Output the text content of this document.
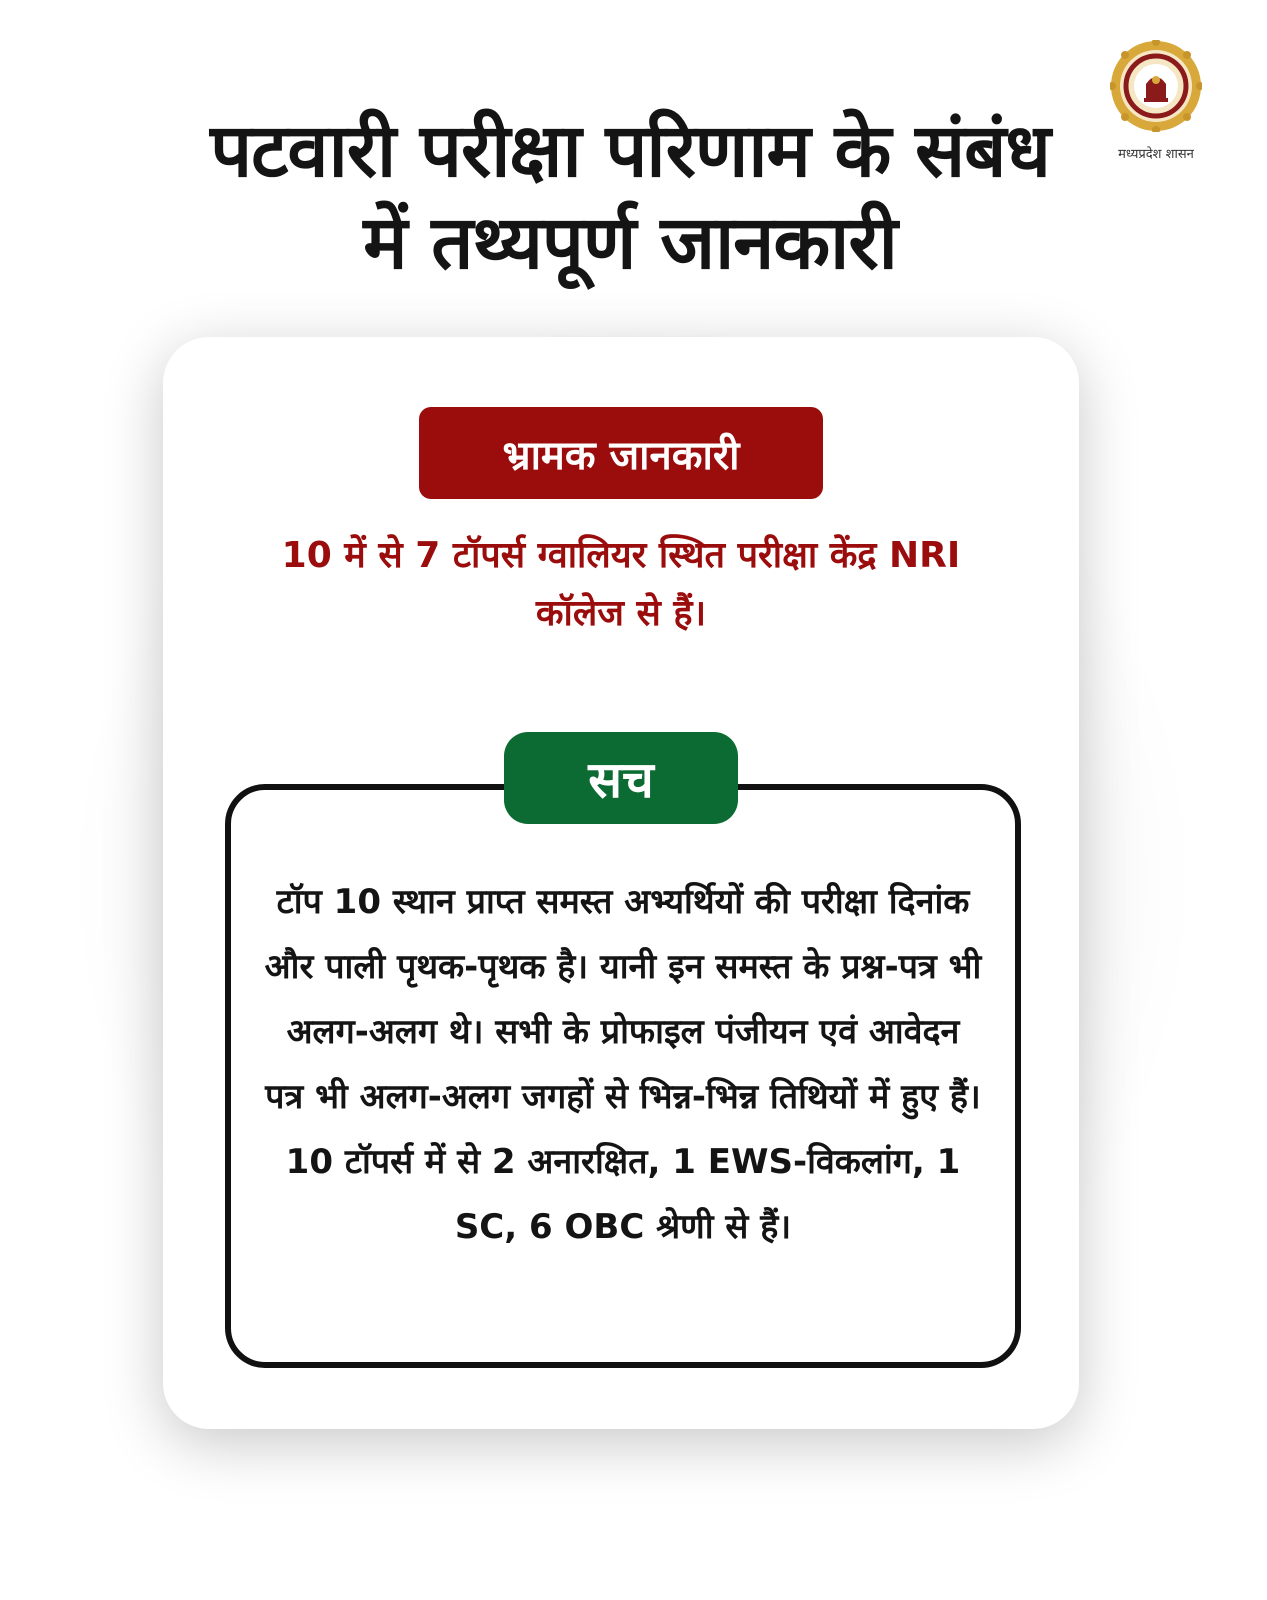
मध्यप्रदेश शासन
पटवारी परीक्षा परिणाम के संबंध में तथ्यपूर्ण जानकारी
भ्रामक जानकारी
10 में से 7 टॉपर्स ग्वालियर स्थित परीक्षा केंद्र NRI कॉलेज से हैं।
सच
टॉप 10 स्थान प्राप्त समस्त अभ्यर्थियों की परीक्षा दिनांक और पाली पृथक-पृथक है। यानी इन समस्त के प्रश्न-पत्र भी अलग-अलग थे। सभी के प्रोफाइल पंजीयन एवं आवेदन पत्र भी अलग-अलग जगहों से भिन्न-भिन्न तिथियों में हुए हैं। 10 टॉपर्स में से 2 अनारक्षित, 1 EWS-विकलांग, 1 SC, 6 OBC श्रेणी से हैं।
